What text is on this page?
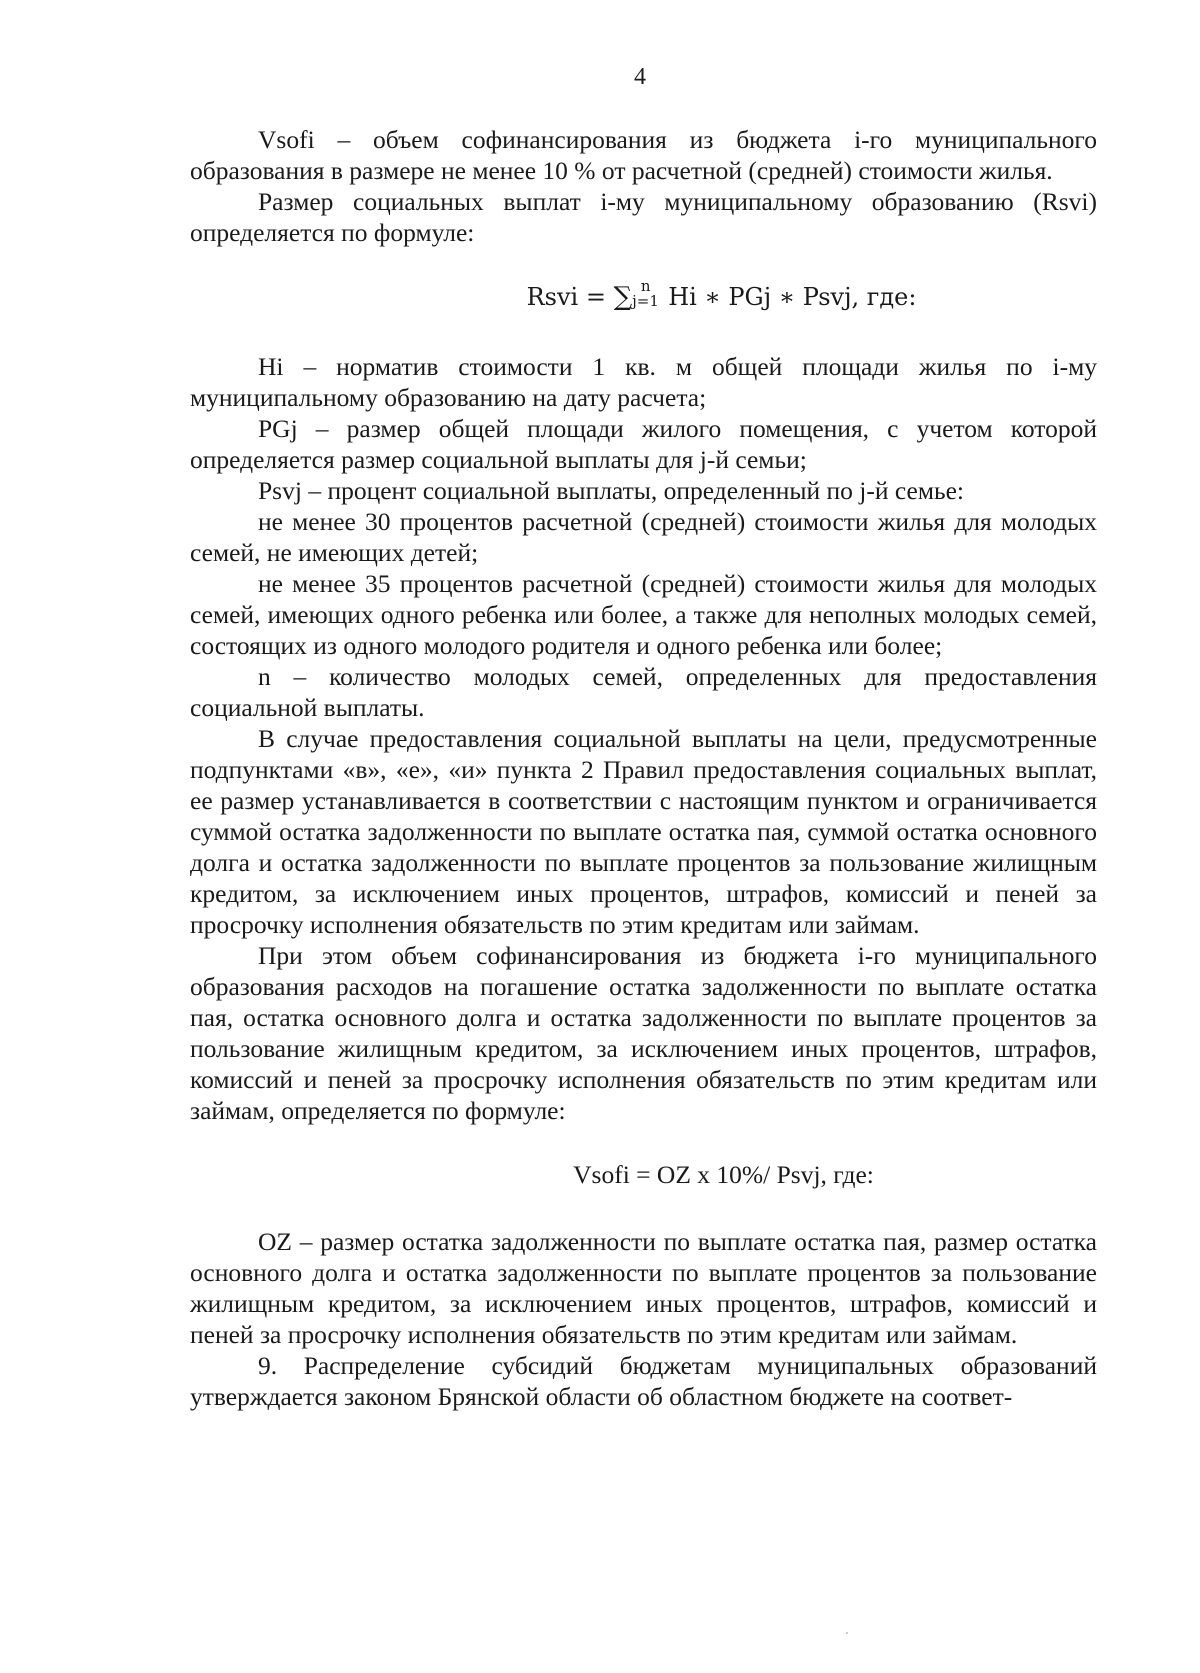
4

Vsofi – объем софинансирования из бюджета i-го муниципального образования в размере не менее 10 % от расчетной (средней) стоимости жилья.

Размер социальных выплат i-му муниципальному образованию (Rsvi) определяется по формуле:

Rsvi = $\sum j=1^n$ Hi ∗ PGj ∗ Psvj, где:

Hi – норматив стоимости 1 кв. м общей площади жилья по i-му муниципальному образованию на дату расчета;

PGj – размер общей площади жилого помещения, с учетом которой определяется размер социальной выплаты для j-й семьи;

Psvj – процент социальной выплаты, определенный по j-й семье:

не менее 30 процентов расчетной (средней) стоимости жилья для молодых семей, не имеющих детей;

не менее 35 процентов расчетной (средней) стоимости жилья для молодых семей, имеющих одного ребенка или более, а также для неполных молодых семей, состоящих из одного молодого родителя и одного ребенка или более;

n – количество молодых семей, определенных для предоставления социальной выплаты.

В случае предоставления социальной выплаты на цели, предусмотренные подпунктами «в», «е», «и» пункта 2 Правил предоставления социальных выплат, ее размер устанавливается в соответствии с настоящим пунктом и ограничивается суммой остатка задолженности по выплате остатка пая, суммой остатка основного долга и остатка задолженности по выплате процентов за пользование жилищным кредитом, за исключением иных процентов, штрафов, комиссий и пеней за просрочку исполнения обязательств по этим кредитам или займам.

При этом объем софинансирования из бюджета i-го муниципального образования расходов на погашение остатка задолженности по выплате остатка пая, остатка основного долга и остатка задолженности по выплате процентов за пользование жилищным кредитом, за исключением иных процентов, штрафов, комиссий и пеней за просрочку исполнения обязательств по этим кредитам или займам, определяется по формуле:

Vsofi = OZ x 10%/ Psvj, где:

OZ – размер остатка задолженности по выплате остатка пая, размер остатка основного долга и остатка задолженности по выплате процентов за пользование жилищным кредитом, за исключением иных процентов, штрафов, комиссий и пеней за просрочку исполнения обязательств по этим кредитам или займам.

9. Распределение субсидий бюджетам муниципальных образований утверждается законом Брянской области об областном бюджете на соответ-
